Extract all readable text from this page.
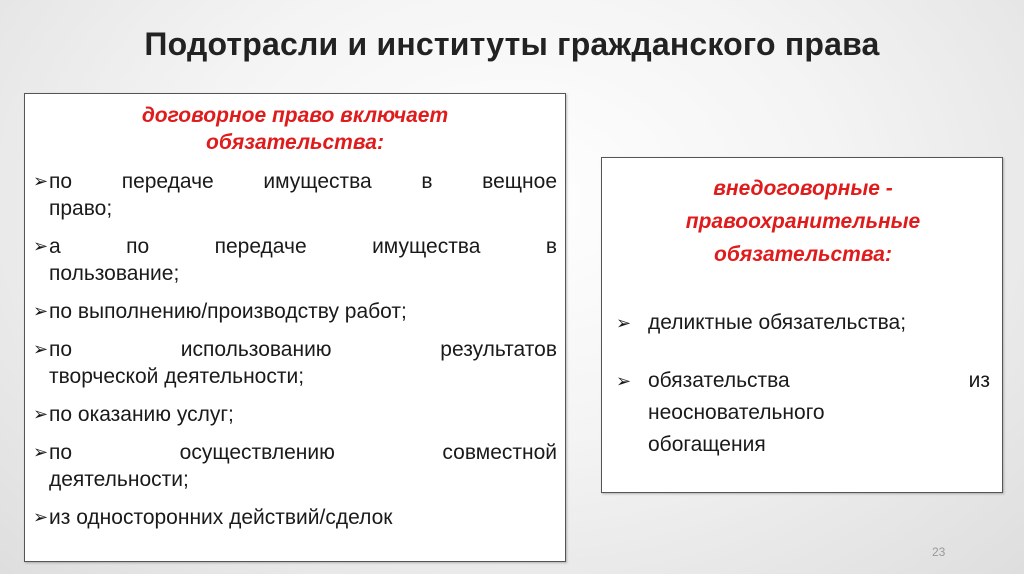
Подотрасли и институты гражданского права
договорное право включает
обязательства:
➢ по передаче имущества в вещное
право;
➢ а по передаче имущества в
пользование;
➢ по выполнению/производству работ;
➢ по использованию результатов
творческой деятельности;
➢ по оказанию услуг;
➢ по осуществлению совместной
деятельности;
➢ из односторонних действий/сделок
внедоговорные -
правоохранительные
обязательства:
➢ деликтные обязательства;
➢ обязательства из
неосновательного
обогащения
23
